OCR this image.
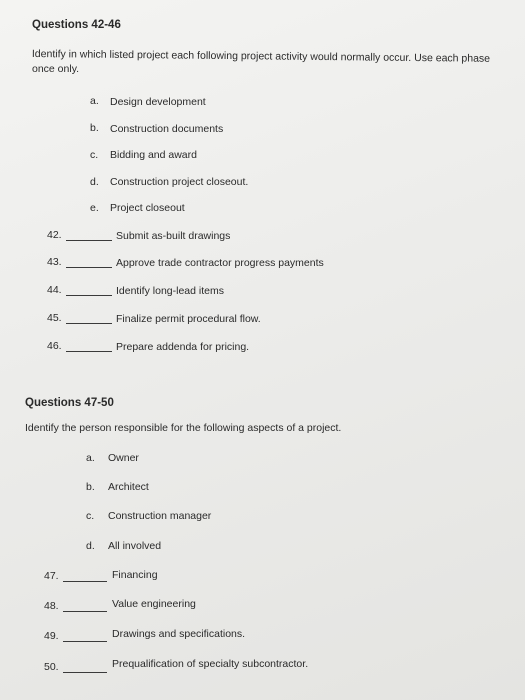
Questions 42-46
Identify in which listed project each following project activity would normally occur. Use each phase
once only.
a. Design development
b. Construction documents
c. Bidding and award
d. Construction project closeout.
e. Project closeout
42.	Submit as-built drawings
43.	Approve trade contractor progress payments
44.	Identify long-lead items
45.	Finalize permit procedural flow.
46.	Prepare addenda for pricing.
Questions 47-50
Identify the person responsible for the following aspects of a project.
a. Owner
b. Architect
c. Construction manager
d. All involved
47.	Financing
48.	Value engineering
49.	Drawings and specifications.
50.	Prequalification of specialty subcontractor.
